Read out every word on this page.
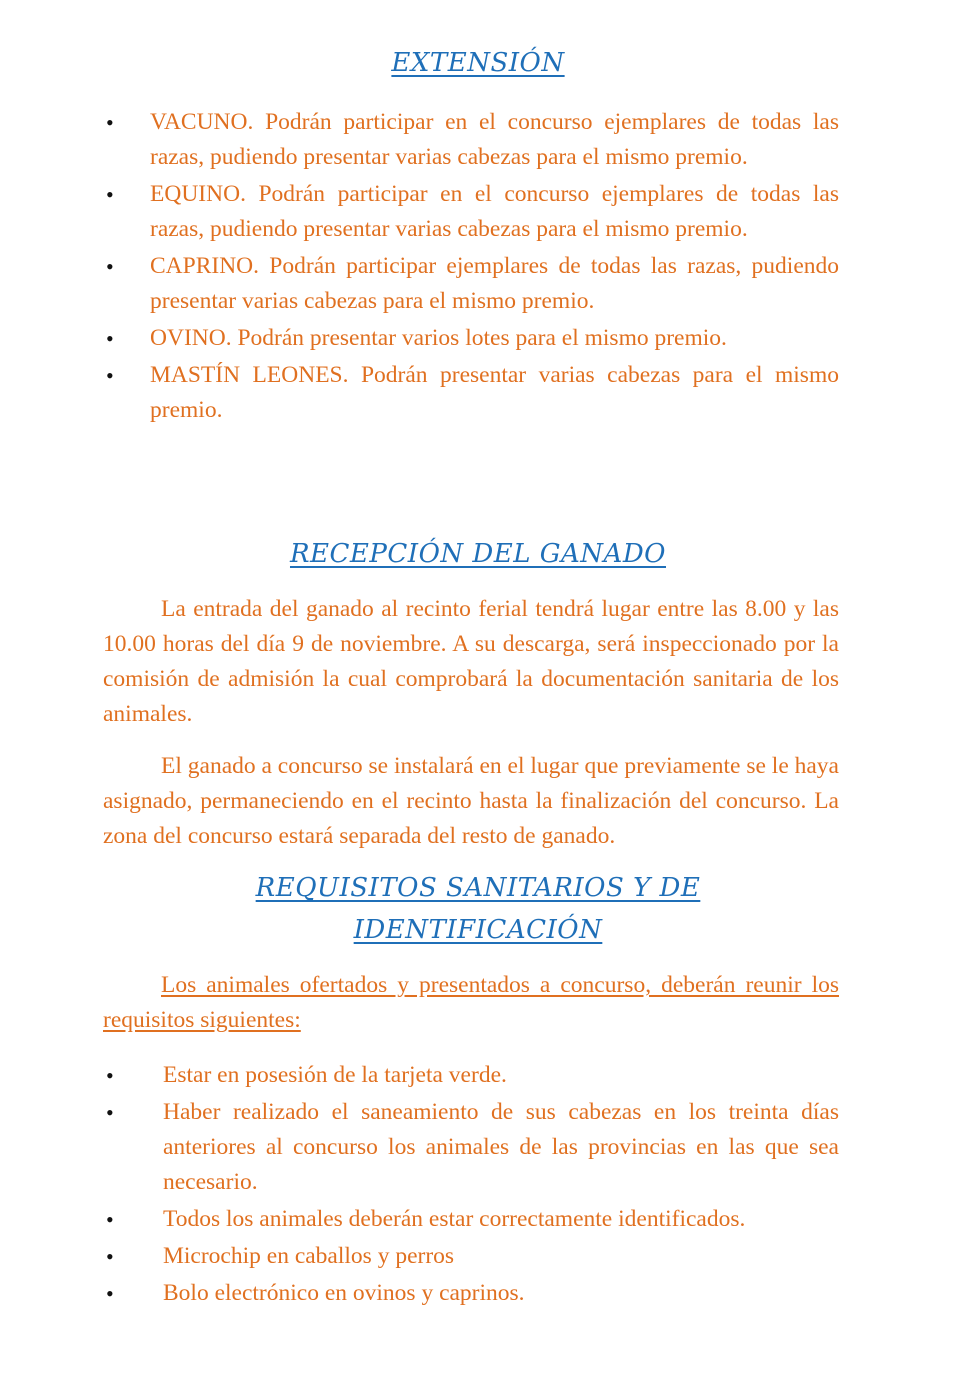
EXTENSIÓN
• VACUNO. Podrán participar en el concurso ejemplares de todas las razas, pudiendo presentar varias cabezas para el mismo premio.
• EQUINO. Podrán participar en el concurso ejemplares de todas las razas, pudiendo presentar varias cabezas para el mismo premio.
• CAPRINO. Podrán participar ejemplares de todas las razas, pudiendo presentar varias cabezas para el mismo premio.
• OVINO. Podrán presentar varios lotes para el mismo premio.
• MASTÍN LEONES. Podrán presentar varias cabezas para el mismo premio.
RECEPCIÓN DEL GANADO

La entrada del ganado al recinto ferial tendrá lugar entre las 8.00 y las 10.00 horas del día 9 de noviembre. A su descarga, será inspeccionado por la comisión de admisión la cual comprobará la documentación sanitaria de los animales.

El ganado a concurso se instalará en el lugar que previamente se le haya asignado, permaneciendo en el recinto hasta la finalización del concurso. La zona del concurso estará separada del resto de ganado.

REQUISITOS SANITARIOS Y DE
IDENTIFICACIÓN

Los animales ofertados y presentados a concurso, deberán reunir los requisitos siguientes:

• Estar en posesión de la tarjeta verde.
• Haber realizado el saneamiento de sus cabezas en los treinta días anteriores al concurso los animales de las provincias en las que sea necesario.
• Todos los animales deberán estar correctamente identificados.
• Microchip en caballos y perros
• Bolo electrónico en ovinos y caprinos.
